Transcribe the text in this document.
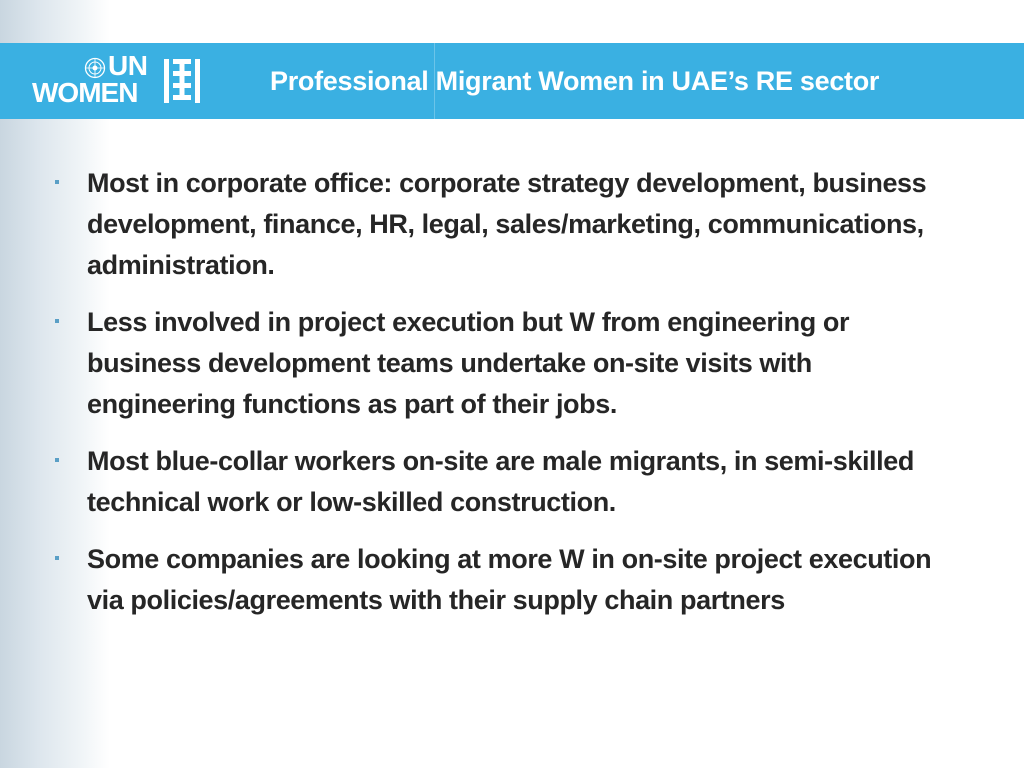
UN
WOMEN	Professional Migrant Women in UAE’s RE sector
Most in corporate office: corporate strategy development, business development, finance, HR, legal, sales/marketing, communications, administration.
Less involved in project execution but W from engineering or business development teams undertake on-site visits with engineering functions as part of their jobs.
Most blue-collar workers on-site are male migrants, in semi-skilled technical work or low-skilled construction.
Some companies are looking at more W in on-site project execution via policies/agreements with their supply chain partners
